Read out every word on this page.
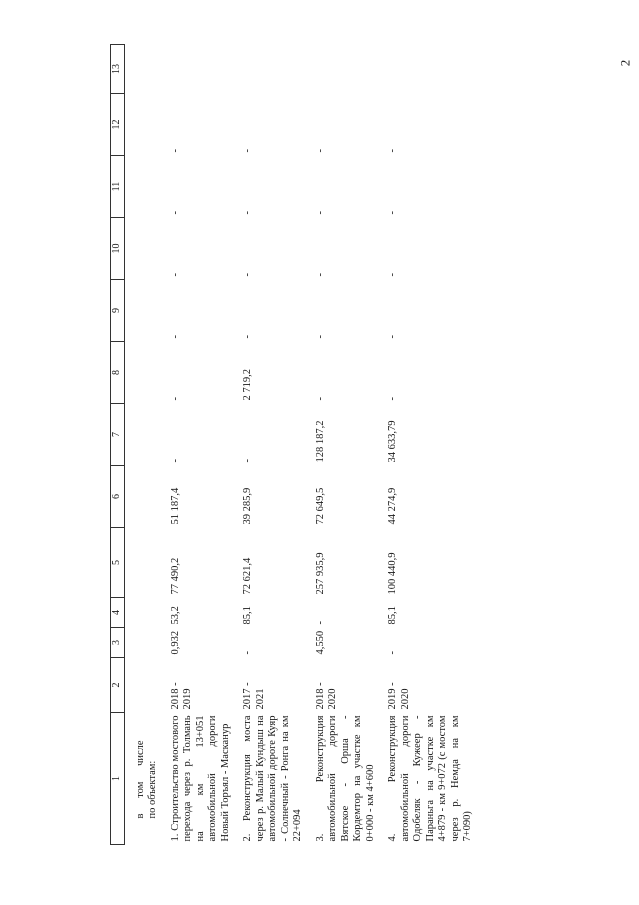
2
1	2	3	4	5	6	7	8	9	10	11	12	13

в      том      числе по объектам:												

1. Строительство мостового перехода через р. Толмань на км 13+051 автомобильной дороги Новый Торъял - Масканур	2018 - 2019	0,932	53,2	77 490,2	51 187,4	-	-	-	-	-	-	
2. Реконструкция моста через р. Малый Кундыш на автомобильной дороге Куяр - Солнечный - Ронга на км 22+094	2017 - 2021	-	85,1	72 621,4	39 285,9	-	2 719,2	-	-	-	-	
3. Реконструкция автомобильной дороги Вятское - Орша - Кордемтор на участке км 0+000 - км 4+600	2018 - 2020	4,550	-	257 935,9	72 649,5	128 187,2	-	-	-	-	-	
4. Реконструкция автомобильной дороги Одобеляк - Кужеер - Параньга на участке км 4+879 - км 9+072 (с мостом через р. Немда на км 7+090)	2019 - 2020	-	85,1	100 440,9	44 274,9	34 633,79	-	-	-	-	-	
